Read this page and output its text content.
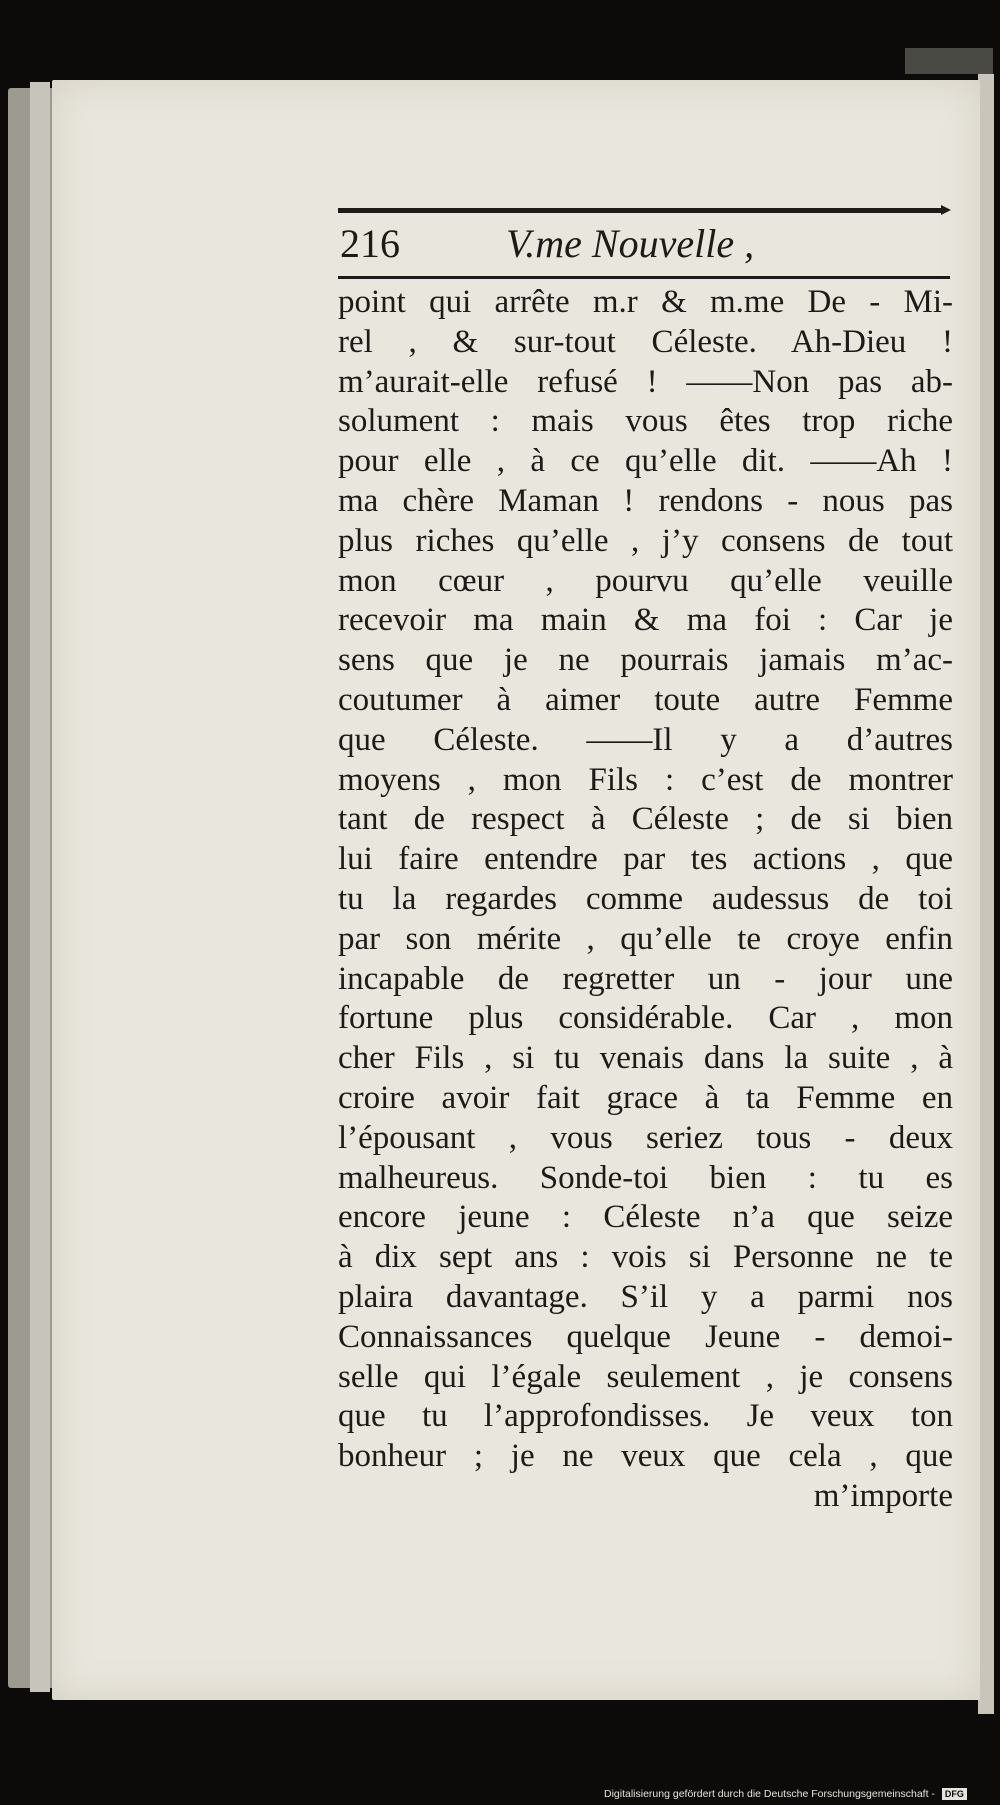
216	V.me Nouvelle ,
point qui arrête m.r & m.me De - Mi-
rel , & sur-tout Céleste. Ah-Dieu !
m’aurait-elle refusé ! ——Non pas ab-
solument : mais vous êtes trop riche
pour elle , à ce qu’elle dit. ——Ah !
ma chère Maman ! rendons - nous pas
plus riches qu’elle , j’y consens de tout
mon cœur , pourvu qu’elle veuille
recevoir ma main & ma foi : Car je
sens que je ne pourrais jamais m’ac-
coutumer à aimer toute autre Femme
que Céleste. ——Il y a d’autres
moyens , mon Fils : c’est de montrer
tant de respect à Céleste ; de si bien
lui faire entendre par tes actions , que
tu la regardes comme audessus de toi
par son mérite , qu’elle te croye enfin
incapable de regretter un - jour une
fortune plus considérable. Car , mon
cher Fils , si tu venais dans la suite , à
croire avoir fait grace à ta Femme en
l’épousant , vous seriez tous - deux
malheureus. Sonde-toi bien : tu es
encore jeune : Céleste n’a que seize
à dix sept ans : vois si Personne ne te
plaira davantage. S’il y a parmi nos
Connaissances quelque Jeune - demoi-
selle qui l’égale seulement , je consens
que tu l’approfondisses. Je veux ton
bonheur ; je ne veux que cela , que
m’importe
Digitalisierung gefördert durch die Deutsche Forschungsgemeinschaft - DFG
